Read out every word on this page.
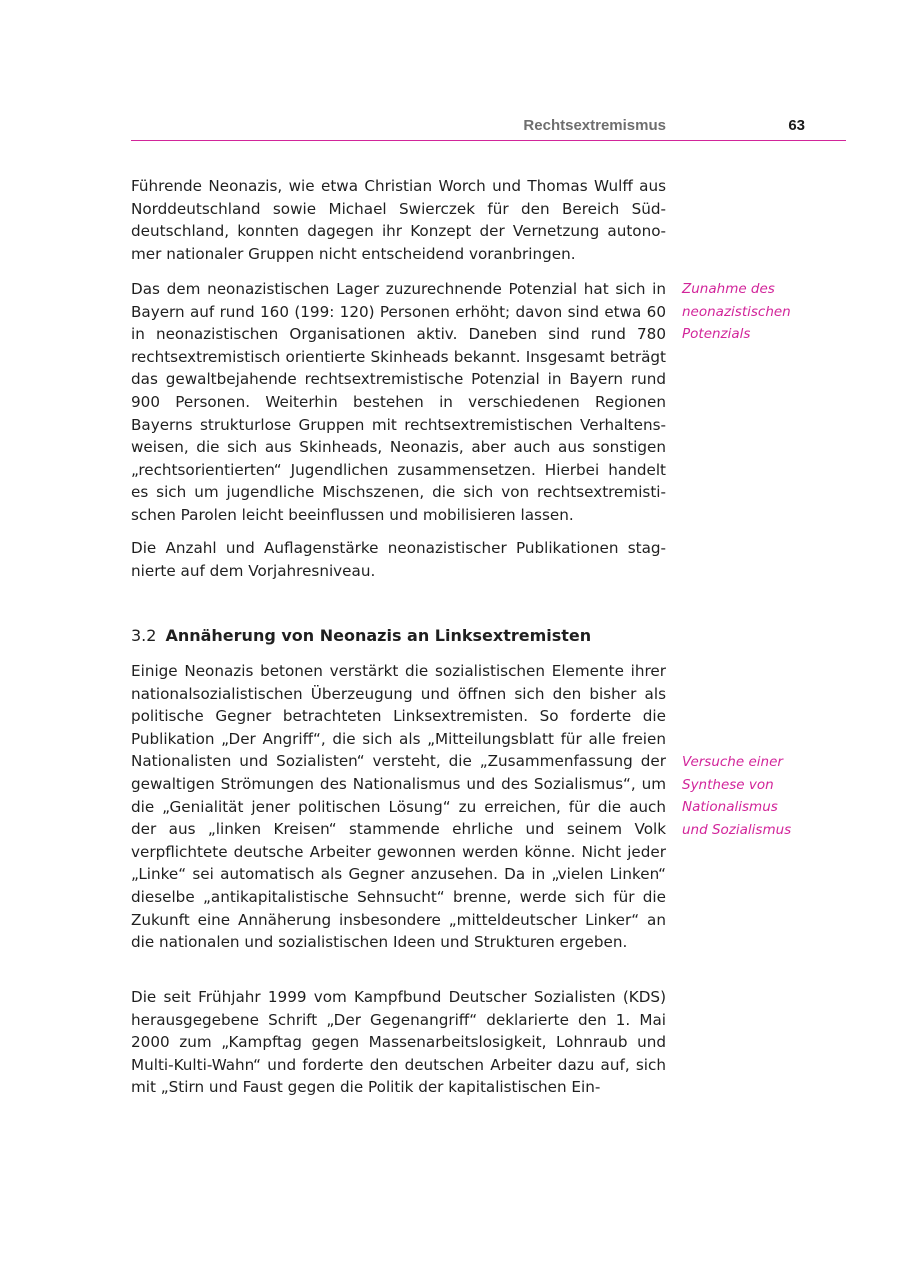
Rechtsextremismus	63

Führende Neonazis, wie etwa Christian Worch und Thomas Wulff aus Norddeutschland sowie Michael Swierczek für den Bereich Süddeutschland, konnten dagegen ihr Konzept der Vernetzung autonomer nationaler Gruppen nicht entscheidend voranbringen.

Das dem neonazistischen Lager zuzurechnende Potenzial hat sich in Bayern auf rund 160 (199: 120) Personen erhöht; davon sind etwa 60 in neonazistischen Organisationen aktiv. Daneben sind rund 780 rechtsextremistisch orientierte Skinheads bekannt. Insgesamt beträgt das gewaltbejahende rechtsextremistische Potenzial in Bayern rund 900 Personen. Weiterhin bestehen in verschiedenen Regionen Bayerns strukturlose Gruppen mit rechtsextremistischen Verhaltensweisen, die sich aus Skinheads, Neonazis, aber auch aus sonstigen „rechtsorientierten“ Jugendlichen zusammensetzen. Hierbei handelt es sich um jugendliche Mischszenen, die sich von rechtsextremistischen Parolen leicht beeinflussen und mobilisieren lassen.

Zunahme des
neonazistischen
Potenzials

Die Anzahl und Auflagenstärke neonazistischer Publikationen stagnierte auf dem Vorjahresniveau.

3.2 Annäherung von Neonazis an Linksextremisten

Einige Neonazis betonen verstärkt die sozialistischen Elemente ihrer nationalsozialistischen Überzeugung und öffnen sich den bisher als politische Gegner betrachteten Linksextremisten. So forderte die Publikation „Der Angriff“, die sich als „Mitteilungsblatt für alle freien Nationalisten und Sozialisten“ versteht, die „Zusammenfassung der gewaltigen Strömungen des Nationalismus und des Sozialismus“, um die „Genialität jener politischen Lösung“ zu erreichen, für die auch der aus „linken Kreisen“ stammende ehrliche und seinem Volk verpflichtete deutsche Arbeiter gewonnen werden könne. Nicht jeder „Linke“ sei automatisch als Gegner anzusehen. Da in „vielen Linken“ dieselbe „antikapitalistische Sehnsucht“ brenne, werde sich für die Zukunft eine Annäherung insbesondere „mitteldeutscher Linker“ an die nationalen und sozialistischen Ideen und Strukturen ergeben.

Versuche einer
Synthese von
Nationalismus
und Sozialismus

Die seit Frühjahr 1999 vom Kampfbund Deutscher Sozialisten (KDS) herausgegebene Schrift „Der Gegenangriff“ deklarierte den 1. Mai 2000 zum „Kampftag gegen Massenarbeitslosigkeit, Lohnraub und Multi-Kulti-Wahn“ und forderte den deutschen Arbeiter dazu auf, sich mit „Stirn und Faust gegen die Politik der kapitalistischen Ein-
